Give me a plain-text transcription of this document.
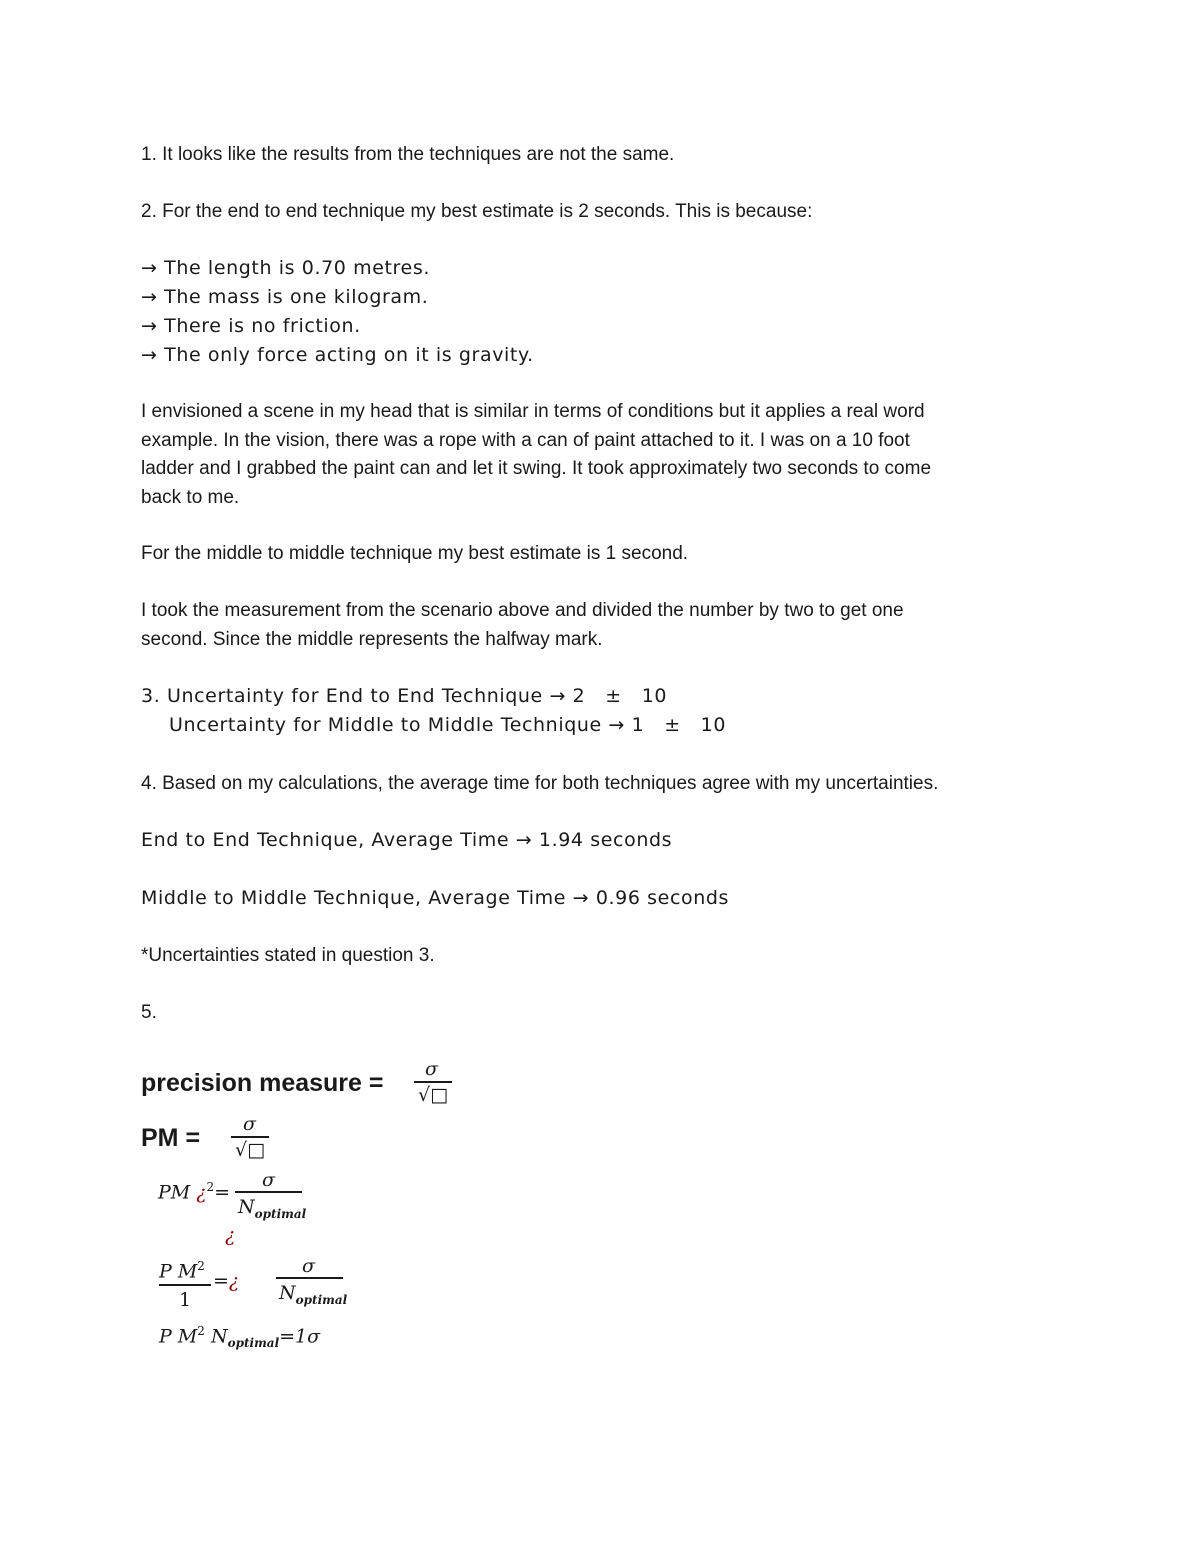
1. It looks like the results from the techniques are not the same.
2. For the end to end technique my best estimate is 2 seconds. This is because:
→ The length is 0.70 metres.
→ The mass is one kilogram.
→ There is no friction.
→ The only force acting on it is gravity.
I envisioned a scene in my head that is similar in terms of conditions but it applies a real word
example. In the vision, there was a rope with a can of paint attached to it. I was on a 10 foot
ladder and I grabbed the paint can and let it swing. It took approximately two seconds to come
back to me.
For the middle to middle technique my best estimate is 1 second.
I took the measurement from the scenario above and divided the number by two to get one
second. Since the middle represents the halfway mark.
3. Uncertainty for End to End Technique → 2   ±   10
Uncertainty for Middle to Middle Technique → 1   ±   10
4. Based on my calculations, the average time for both techniques agree with my uncertainties.
End to End Technique, Average Time → 1.94 seconds
Middle to Middle Technique, Average Time → 0.96 seconds
*Uncertainties stated in question 3.
5.
precision measure = σ
√□
PM = σ
√□
PM ¿$^2$=
σ
$N_{optimal}$
¿
P $M^2$
1
=¿
σ
$N_{optimal}$
P $M^2$ $N_{optimal}=1\sigma$
